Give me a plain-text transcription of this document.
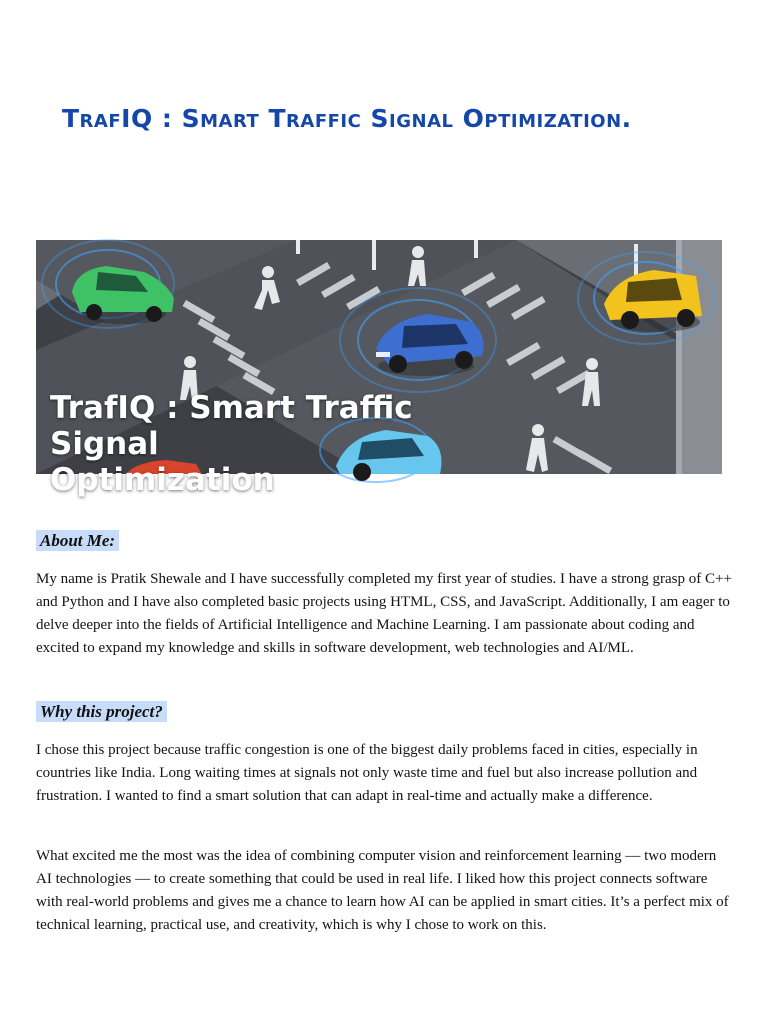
TrafIQ : Smart Traffic Signal Optimization.

TrafIQ : Smart Traffic Signal
Optimization

About Me:

My name is Pratik Shewale and I have successfully completed my first year of studies. I have a strong grasp of C++ and Python and I have also completed basic projects using HTML, CSS, and JavaScript. Additionally, I am eager to delve deeper into the fields of Artificial Intelligence and Machine Learning. I am passionate about coding and excited to expand my knowledge and skills in software development, web technologies and AI/ML.

Why this project?

I chose this project because traffic congestion is one of the biggest daily problems faced in cities, especially in countries like India. Long waiting times at signals not only waste time and fuel but also increase pollution and frustration. I wanted to find a smart solution that can adapt in real-time and actually make a difference.

What excited me the most was the idea of combining computer vision and reinforcement learning — two modern AI technologies — to create something that could be used in real life. I liked how this project connects software with real-world problems and gives me a chance to learn how AI can be applied in smart cities. It’s a perfect mix of technical learning, practical use, and creativity, which is why I chose to work on this.
